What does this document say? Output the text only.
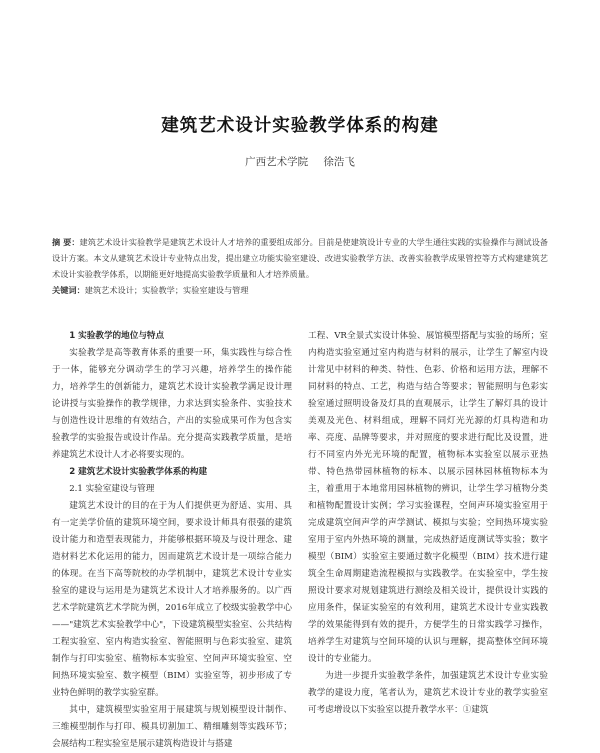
建筑艺术设计实验教学体系的构建
广西艺术学院 徐浩飞
摘 要：建筑艺术设计实验教学是建筑艺术设计人才培养的重要组成部分。目前是使建筑设计专业的大学生通往实践的实验操作与测试设备设计方案。本文从建筑艺术设计专业特点出发，提出建立功能实验室建设、改进实验教学方法、改善实验教学成果管控等方式构建建筑艺术设计实验教学体系，以期能更好地提高实验教学质量和人才培养质量。
关键词：建筑艺术设计；实验教学；实验室建设与管理
1 实验教学的地位与特点

实验教学是高等教育体系的重要一环，集实践性与综合性于一体，能够充分调动学生的学习兴趣，培养学生的操作能力，培养学生的创新能力，建筑艺术设计实验教学满足设计理论讲授与实验操作的教学规律，力求达到实验条件、实验技术与创造性设计思维的有效结合，产出的实验成果可作为包含实验教学的实验报告或设计作品。充分提高实践教学质量，是培养建筑艺术设计人才必将要实现的。

2 建筑艺术设计实验教学体系的构建
2.1 实验室建设与管理

建筑艺术设计的目的在于为人们提供更为舒适、实用、具有一定美学价值的建筑环境空间，要求设计师具有很强的建筑设计能力和造型表现能力，并能够根据环境及与设计理念、建造材料艺术化运用的能力，因而建筑艺术设计是一项综合能力的体现。在当下高等院校的办学机制中，建筑艺术设计专业实验室的建设与运用是为建筑艺术设计人才培养服务的。以广西艺术学院建筑艺术学院为例，2016年成立了校级实验教学中心——"建筑艺术实验教学中心"，下设建筑模型实验室、公共结构工程实验室、室内构造实验室、智能照明与色彩实验室、建筑制作与打印实验室、植物标本实验室、空间声环境实验室、空间热环境实验室、数字模型（BIM）实验室等，初步形成了专业特色鲜明的教学实验室群。

其中，建筑模型实验室用于展建筑与规划模型设计制作、三维模型制作与打印、模具切割加工、精细雕刻等实践环节；会展结构工程实验室是展示建筑构造设计与搭建

工程、VR全景式实设计体验、展馆模型搭配与实验的场所；室内构造实验室通过室内构造与材料的展示，让学生了解室内设计常见中材料的种类、特性、色彩、价格和运用方法，理解不同材料的特点、工艺，构造与结合等要求；智能照明与色彩实验室通过照明设备及灯具的直观展示，让学生了解灯具的设计美观及光色、材料组成，理解不同灯光光源的灯具构造和功率、亮度、品牌等要求，并对照度的要求进行配比及设置，进行不同室内外光光环境的配置，植物标本实验室以展示亚热带、特色热带园林植物的标本、以展示园林园林植物标本为主，着重用于本地常用园林植物的辨识，让学生学习植物分类和植物配置设计实例；学习实验课程，空间声环境实验室用于完成建筑空间声学的声学测试、模拟与实验；空间热环境实验室用于室内外热环境的测量，完成热舒适度测试等实验；数字模型（BIM）实验室主要通过数字化模型（BIM）技术进行建筑全生命周期建造流程模拟与实践教学。在实验室中，学生按照设计要求对规划建筑进行测绘及相关设计，提供设计实践的应用条件，保证实验室的有效利用，建筑艺术设计专业实践教学的效果能得到有效的提升，方便学生的日常实践学习操作，培养学生对建筑与空间环境的认识与理解，提高整体空间环境设计的专业能力。

为进一步提升实验教学条件，加强建筑艺术设计专业实验教学的建设力度，笔者认为，建筑艺术设计专业的教学实验室可考虑增设以下实验室以提升教学水平：①建筑
